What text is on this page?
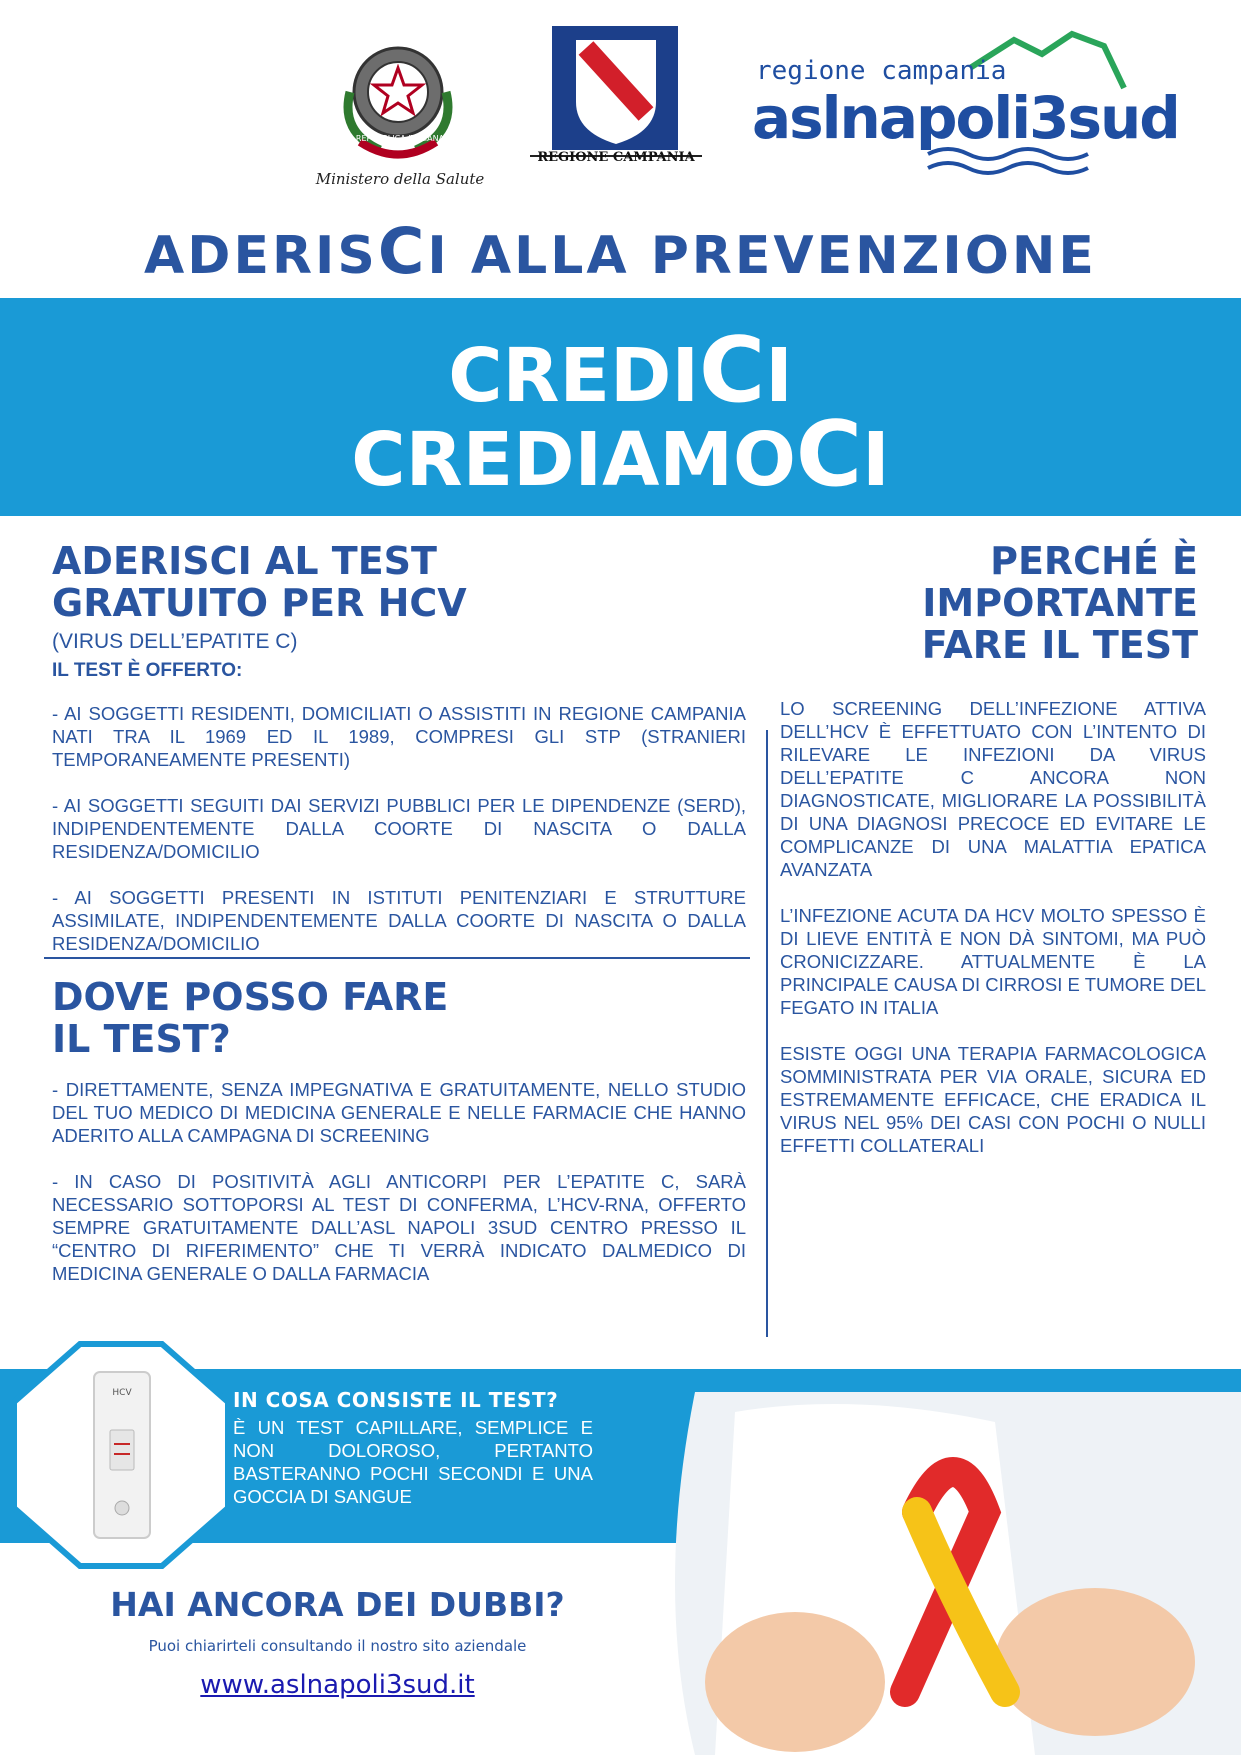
REPVBBLICA ITALIANA
Ministero della Salute
REGIONE CAMPANIA
regione campania
aslnapoli3sud
ADERISCI ALLA PREVENZIONE
CREDICI
CREDIAMOCI
ADERISCI AL TEST
GRATUITO PER HCV
(VIRUS DELL’EPATITE C)
IL TEST È OFFERTO:
- AI SOGGETTI RESIDENTI, DOMICILIATI O ASSISTITI IN REGIONE CAMPANIA NATI TRA IL 1969 ED IL 1989, COMPRESI GLI STP (STRANIERI TEMPORANEAMENTE PRESENTI)
- AI SOGGETTI SEGUITI DAI SERVIZI PUBBLICI PER LE DIPENDENZE (SERD), INDIPENDENTEMENTE DALLA COORTE DI NASCITA O DALLA RESIDENZA/DOMICILIO
- AI SOGGETTI PRESENTI IN ISTITUTI PENITENZIARI E STRUTTURE ASSIMILATE, INDIPENDENTEMENTE DALLA COORTE DI NASCITA O DALLA RESIDENZA/DOMICILIO
DOVE POSSO FARE
IL TEST?
- DIRETTAMENTE, SENZA IMPEGNATIVA E GRATUITAMENTE, NELLO STUDIO DEL TUO MEDICO DI MEDICINA GENERALE E NELLE FARMACIE CHE HANNO ADERITO ALLA CAMPAGNA DI SCREENING
- IN CASO DI POSITIVITÀ AGLI ANTICORPI PER L’EPATITE C, SARÀ NECESSARIO SOTTOPORSI AL TEST DI CONFERMA, L’HCV-RNA, OFFERTO SEMPRE GRATUITAMENTE DALL’ASL NAPOLI 3SUD CENTRO PRESSO IL “CENTRO DI RIFERIMENTO” CHE TI VERRÀ INDICATO DALMEDICO DI MEDICINA GENERALE O DALLA FARMACIA
PERCHÉ È
IMPORTANTE
FARE IL TEST
LO SCREENING DELL’INFEZIONE ATTIVA DELL’HCV È EFFETTUATO CON L’INTENTO DI RILEVARE LE INFEZIONI DA VIRUS DELL’EPATITE C ANCORA NON DIAGNOSTICATE, MIGLIORARE LA POSSIBILITÀ DI UNA DIAGNOSI PRECOCE ED EVITARE LE COMPLICANZE DI UNA MALATTIA EPATICA AVANZATA
L’INFEZIONE ACUTA DA HCV MOLTO SPESSO È DI LIEVE ENTITÀ E NON DÀ SINTOMI, MA PUÒ CRONICIZZARE. ATTUALMENTE È LA PRINCIPALE CAUSA DI CIRROSI E TUMORE DEL FEGATO IN ITALIA
ESISTE OGGI UNA TERAPIA FARMACOLOGICA SOMMINISTRATA PER VIA ORALE, SICURA ED ESTREMAMENTE EFFICACE, CHE ERADICA IL VIRUS NEL 95% DEI CASI CON POCHI O NULLI EFFETTI COLLATERALI
HCV	IN COSA CONSISTE IL TEST?
È UN TEST CAPILLARE, SEMPLICE E NON DOLOROSO, PERTANTO BASTERANNO POCHI SECONDI E UNA GOCCIA DI SANGUE
HAI ANCORA DEI DUBBI?
Puoi chiarirteli consultando il nostro sito aziendale
www.aslnapoli3sud.it
